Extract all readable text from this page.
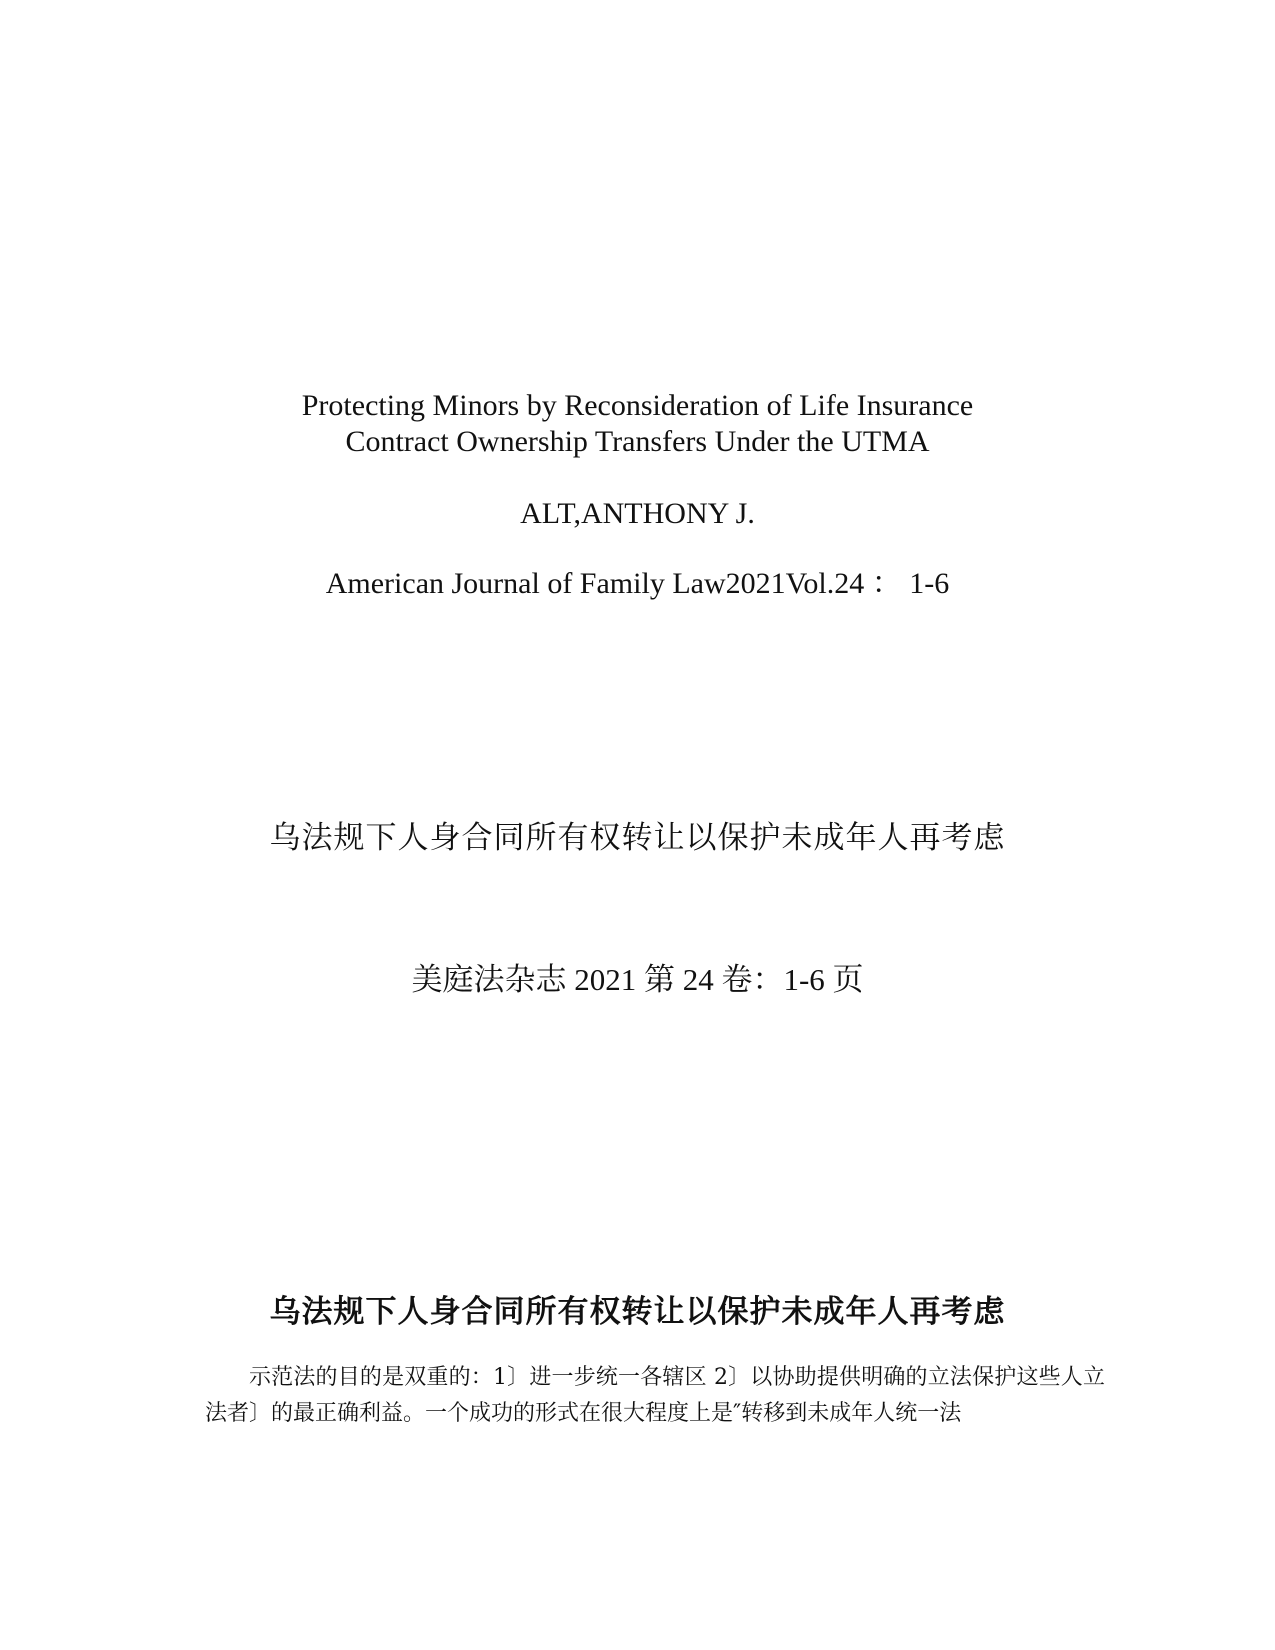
Protecting Minors by Reconsideration of Life Insurance
Contract Ownership Transfers Under the UTMA
ALT,ANTHONY J.
American Journal of Family Law2021Vol.24 ： 1-6
乌法规下人身合同所有权转让以保护未成年人再考虑
美庭法杂志 2021 第 24 卷：1-6 页
乌法规下人身合同所有权转让以保护未成年人再考虑

示范法的目的是双重的：1〕进一步统一各辖区 2〕以协助提供明确的立法保护这些人立法者〕的最正确利益。一个成功的形式在很大程度上是″转移到未成年人统一法
